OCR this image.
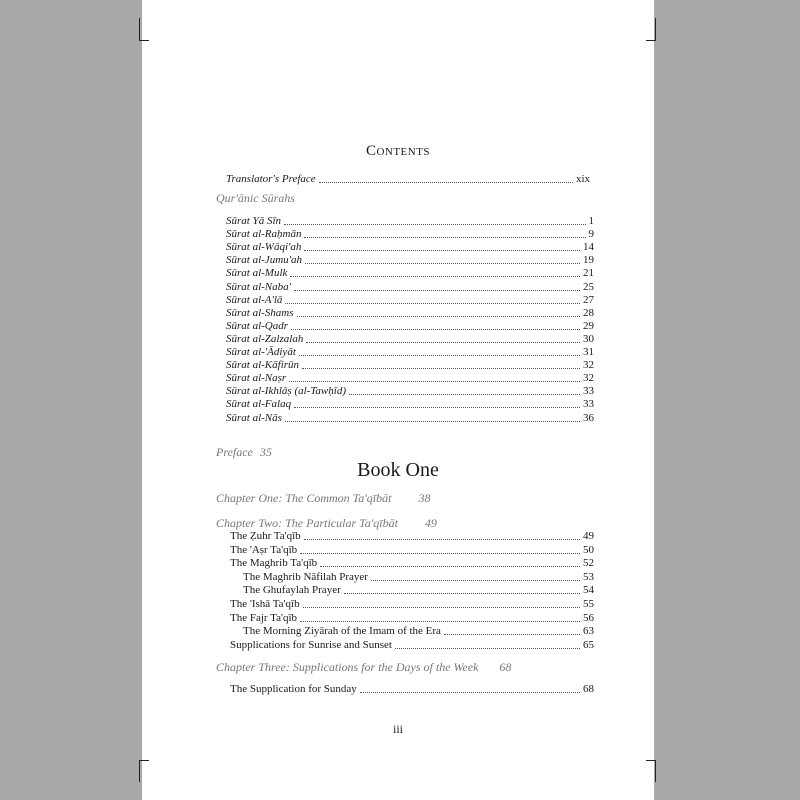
Contents
Translator's Preface	xix
Qur'ānic Sūrahs
Sūrat Yā Sīn	1
Sūrat al-Raḥmān	9
Sūrat al-Wāqi'ah	14
Sūrat al-Jumu'ah	19
Sūrat al-Mulk	21
Sūrat al-Naba'	25
Sūrat al-A'lā	27
Sūrat al-Shams	28
Sūrat al-Qadr	29
Sūrat al-Zalzalah	30
Sūrat al-'Ādiyāt	31
Sūrat al-Kāfirūn	32
Sūrat al-Naṣr	32
Sūrat al-Ikhlāṣ (al-Tawḥīd)	33
Sūrat al-Falaq	33
Sūrat al-Nās	36
Preface 35
Book One
Chapter One: The Common Ta'qībāt 38
Chapter Two: The Particular Ta'qībāt 49
The Ẓuhr Ta'qīb	49
The 'Aṣr Ta'qīb	50
The Maghrib Ta'qīb	52
The Maghrib Nāfilah Prayer	53
The Ghufaylah Prayer	54
The 'Ishā Ta'qīb	55
The Fajr Ta'qīb	56
The Morning Ziyārah of the Imam of the Era	63
Supplications for Sunrise and Sunset	65
Chapter Three: Supplications for the Days of the Week 68
The Supplication for Sunday	68
iii
